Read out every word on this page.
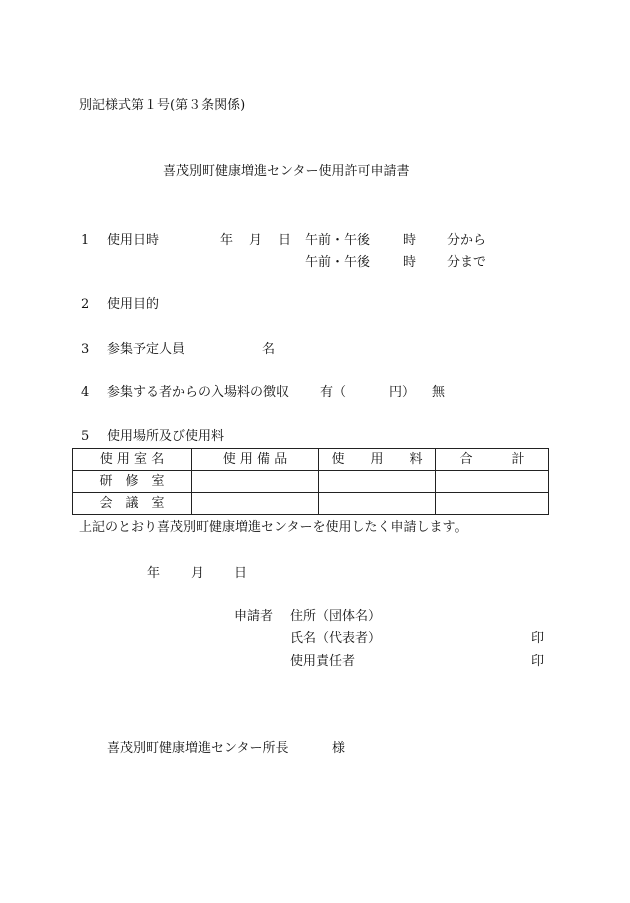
別記様式第１号(第３条関係)
喜茂別町健康増進センター使用許可申請書
1 使用日時	年 月 日 午前・午後	時 分から
午前・午後	時 分まで
2 使用目的
3 参集予定人員	名
4 参集する者からの入場料の徴収 有（	円） 無
5 使用場所及び使用料
使 用 室 名	使 用 備 品	使　　用　　料	合　　　計
研　修　室			
会　議　室			
上記のとおり喜茂別町健康増進センターを使用したく申請します。
年 月 日
申請者 住所（団体名）
氏名（代表者）	印
使用責任者	印
喜茂別町健康増進センター所長	様
